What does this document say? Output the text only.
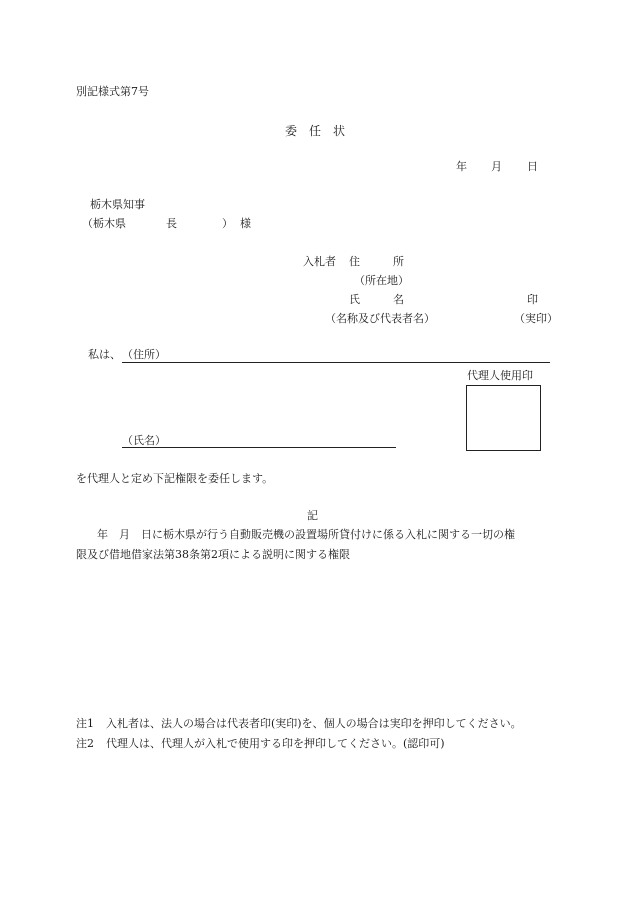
別記様式第7号
委　任　状
年 月 日
栃木県知事
（栃木県	長	） 様
入札者 住　　　所
（所在地）
氏　　　名	印
（名称及び代表者名）	（実印）
私は、 （住所）
代理人使用印
（氏名）
を代理人と定め下記権限を委任します。
記
年　月　日に栃木県が行う自動販売機の設置場所貸付けに係る入札に関する一切の権
限及び借地借家法第38条第2項による説明に関する権限
注1 入札者は、法人の場合は代表者印(実印)を、個人の場合は実印を押印してください。
注2 代理人は、代理人が入札で使用する印を押印してください。(認印可)
